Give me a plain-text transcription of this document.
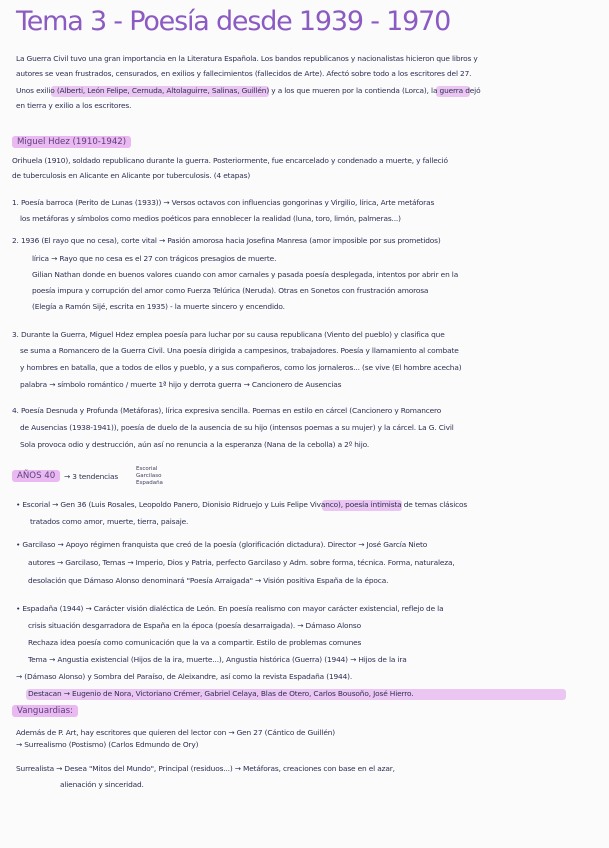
Tema 3 - Poesía desde 1939 - 1970
La Guerra Civil tuvo una gran importancia en la Literatura Española. Los bandos republicanos y nacionalistas hicieron que libros y
autores se vean frustrados, censurados, en exilios y fallecimientos (fallecidos de Arte). Afectó sobre todo a los escritores del 27.
Unos exilio (Alberti, León Felipe, Cernuda, Altolaguirre, Salinas, Guillén) y a los que mueren por la contienda (Lorca), la guerra dejó
en tierra y exilio a los escritores.
Miguel Hdez (1910-1942)
Orihuela (1910), soldado republicano durante la guerra. Posteriormente, fue encarcelado y condenado a muerte, y falleció
de tuberculosis en Alicante en Alicante por tuberculosis. (4 etapas)
1. Poesía barroca (Perito de Lunas (1933)) → Versos octavos con influencias gongorinas y Virgilio, lírica, Arte metáforas
los metáforas y símbolos como medios poéticos para ennoblecer la realidad (luna, toro, limón, palmeras...)
2. 1936 (El rayo que no cesa), corte vital → Pasión amorosa hacia Josefina Manresa (amor imposible por sus prometidos)
lírica → Rayo que no cesa es el 27 con trágicos presagios de muerte.
Gilian Nathan donde en buenos valores cuando con amor carnales y pasada poesía desplegada, intentos por abrir en la
poesía impura y corrupción del amor como Fuerza Telúrica (Neruda). Otras en Sonetos con frustración amorosa
(Elegía a Ramón Sijé, escrita en 1935) - la muerte sincero y encendido.
3. Durante la Guerra, Miguel Hdez emplea poesía para luchar por su causa republicana (Viento del pueblo) y clasifica que
se suma a Romancero de la Guerra Civil. Una poesía dirigida a campesinos, trabajadores. Poesía y llamamiento al combate
y hombres en batalla, que a todos de ellos y pueblo, y a sus compañeros, como los jornaleros... (se vive (El hombre acecha)
palabra → símbolo romántico / muerte 1ª hijo y derrota guerra → Cancionero de Ausencias
4. Poesía Desnuda y Profunda (Metáforas), lírica expresiva sencilla. Poemas en estilo en cárcel (Cancionero y Romancero
de Ausencias (1938-1941)), poesía de duelo de la ausencia de su hijo (intensos poemas a su mujer) y la cárcel. La G. Civil
Sola provoca odio y destrucción, aún así no renuncia a la esperanza (Nana de la cebolla) a 2º hijo.
AÑOS 40	→ 3 tendencias
Escorial
Garcilaso
Espadaña
• Escorial → Gen 36 (Luis Rosales, Leopoldo Panero, Dionisio Ridruejo y Luis Felipe Vivanco), poesía intimista de temas clásicos
tratados como amor, muerte, tierra, paisaje.
• Garcilaso → Apoyo régimen franquista que creó de la poesía (glorificación dictadura). Director → José García Nieto
autores → Garcilaso, Temas → Imperio, Dios y Patria, perfecto Garcilaso y Adm. sobre forma, técnica. Forma, naturaleza,
desolación que Dámaso Alonso denominará "Poesía Arraigada" → Visión positiva España de la época.
• Espadaña (1944) → Carácter visión dialéctica de León. En poesía realismo con mayor carácter existencial, reflejo de la
crisis situación desgarradora de España en la época (poesía desarraigada). → Dámaso Alonso
Rechaza idea poesía como comunicación que la va a compartir. Estilo de problemas comunes
Tema → Angustia existencial (Hijos de la ira, muerte...), Angustia histórica (Guerra) (1944) → Hijos de la ira
→ (Dámaso Alonso) y Sombra del Paraíso, de Aleixandre, así como la revista Espadaña (1944).
Destacan → Eugenio de Nora, Victoriano Crémer, Gabriel Celaya, Blas de Otero, Carlos Bousoño, José Hierro.
Vanguardias:
Además de P. Art, hay escritores que quieren del lector con → Gen 27 (Cántico de Guillén)
→ Surrealismo (Postismo) (Carlos Edmundo de Ory)
Surrealista → Desea "Mitos del Mundo", Principal (residuos...) → Metáforas, creaciones con base en el azar,
alienación y sinceridad.
